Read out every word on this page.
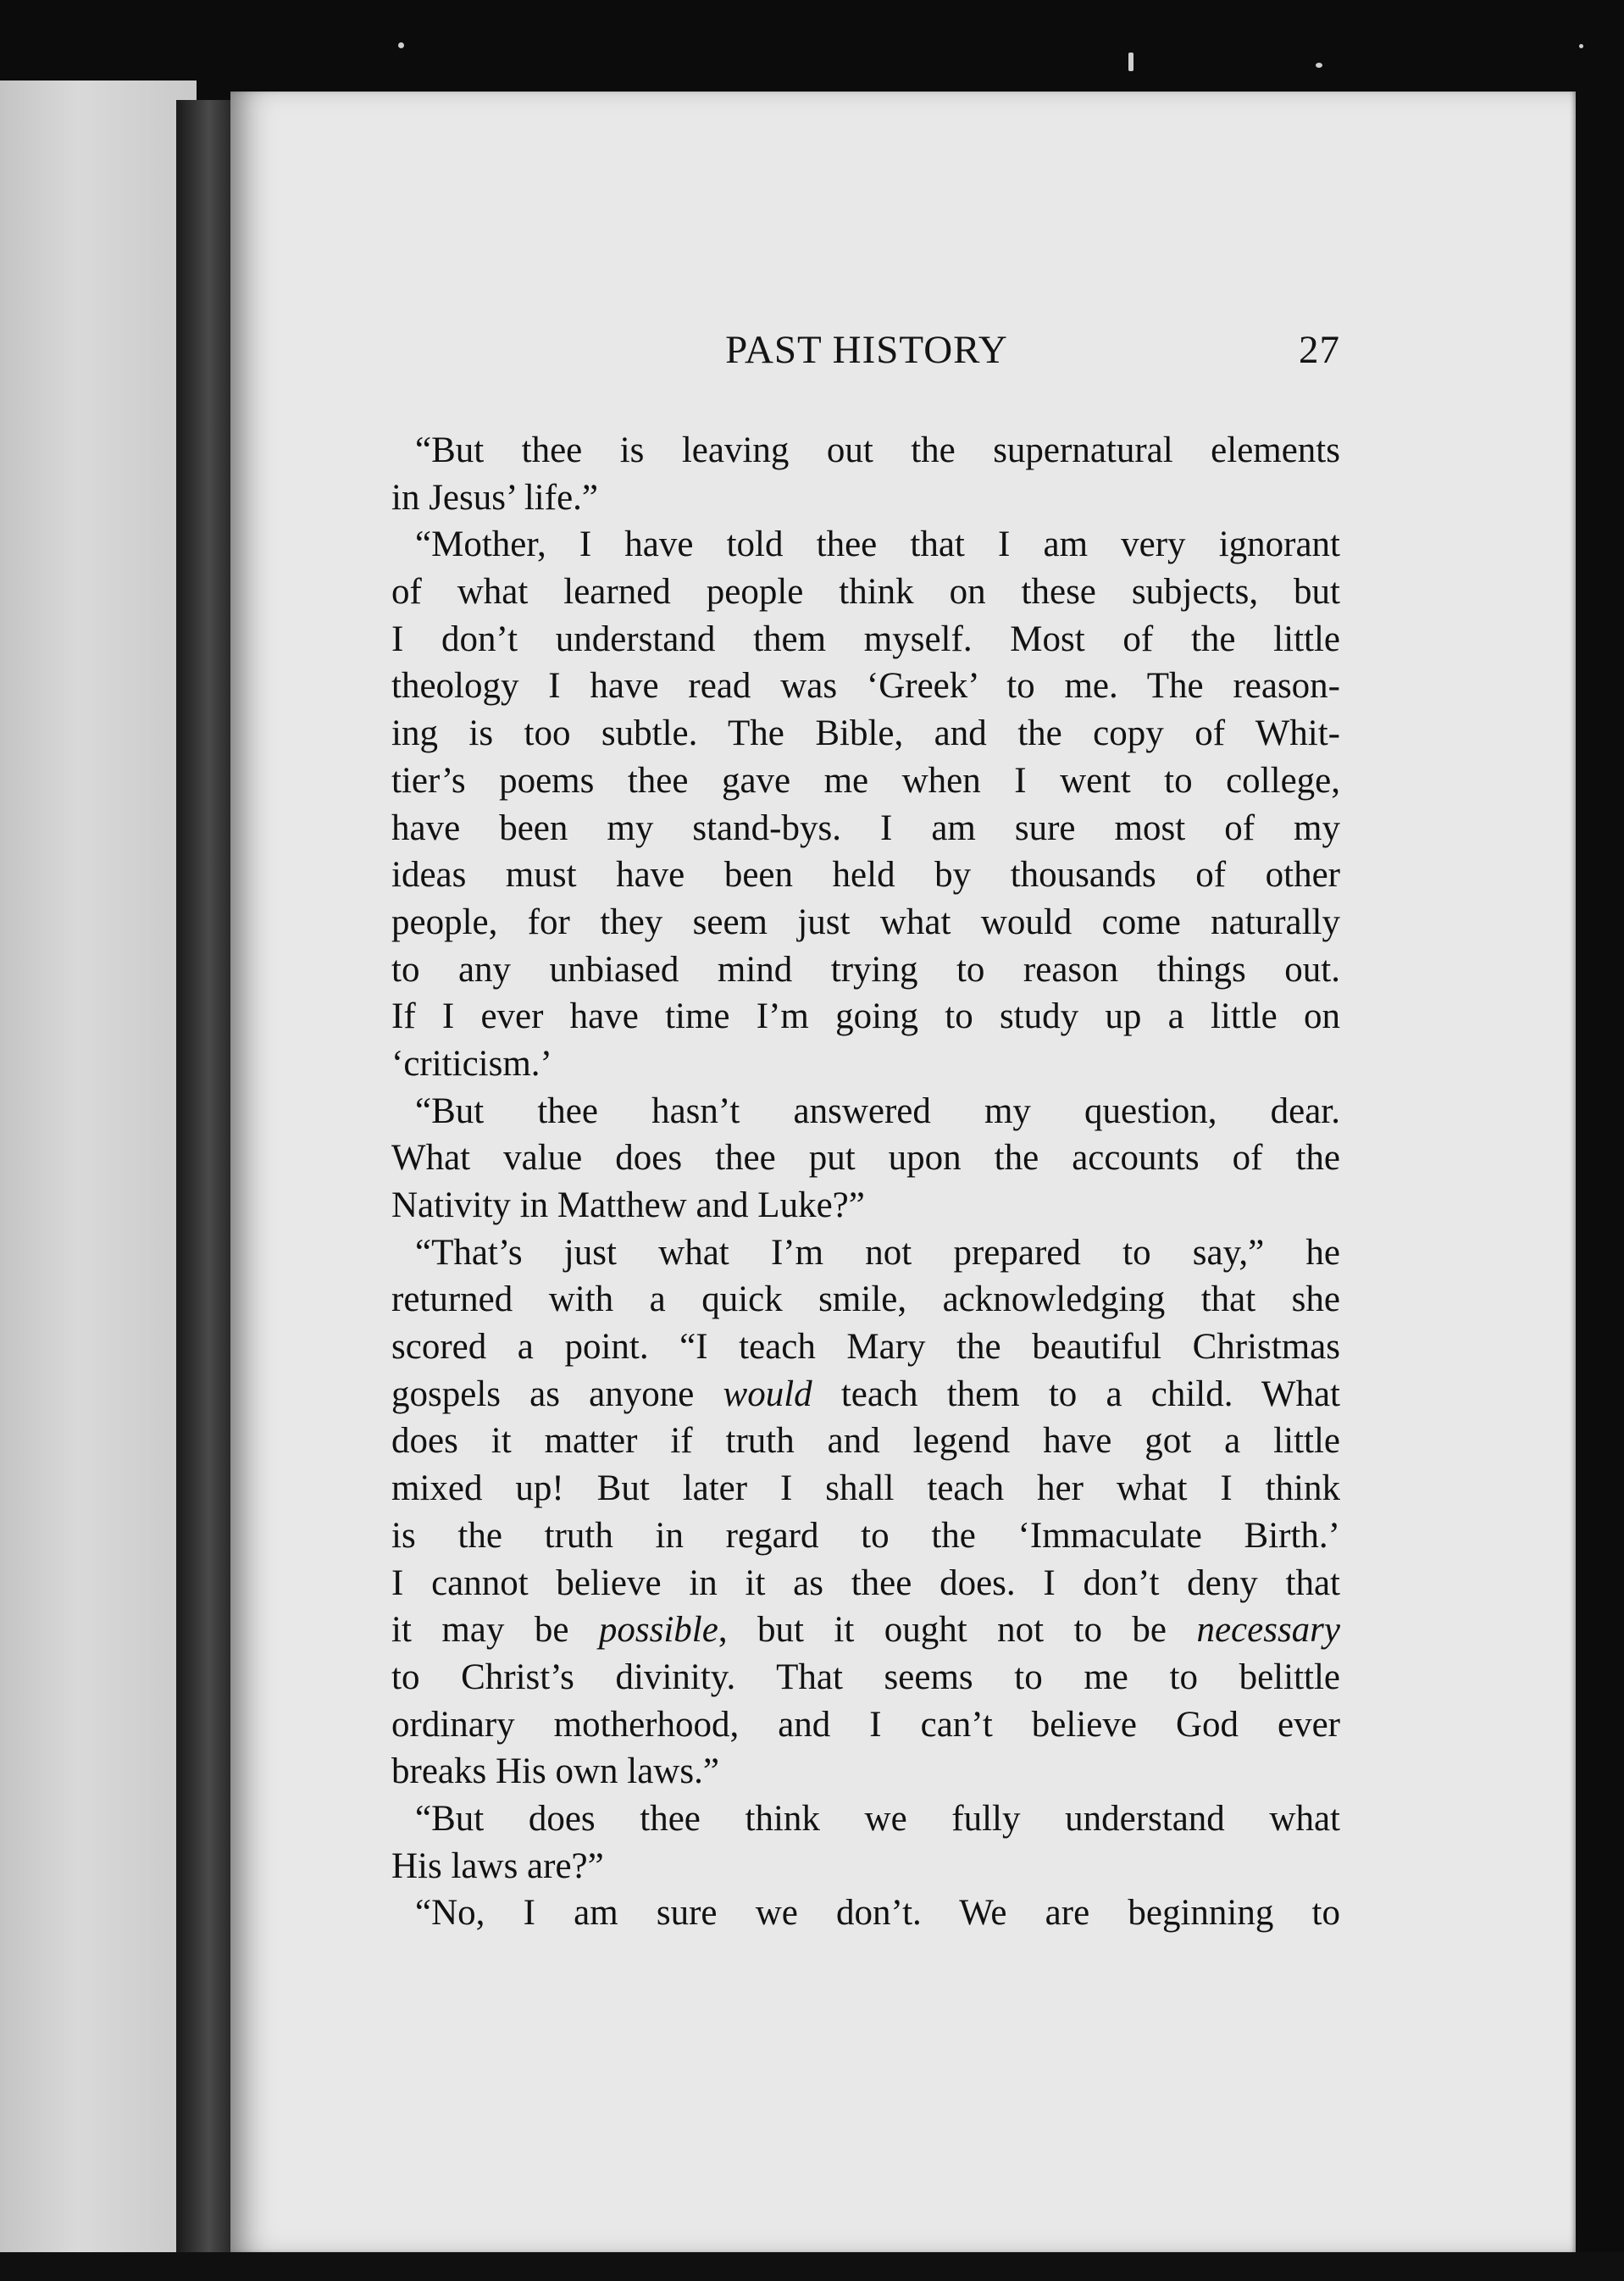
PAST HISTORY	27
“But thee is leaving out the supernatural elements
in Jesus’ life.”
“Mother, I have told thee that I am very ignorant
of what learned people think on these subjects, but
I don’t understand them myself. Most of the little
theology I have read was ‘Greek’ to me. The reason-
ing is too subtle. The Bible, and the copy of Whit-
tier’s poems thee gave me when I went to college,
have been my stand-bys. I am sure most of my
ideas must have been held by thousands of other
people, for they seem just what would come naturally
to any unbiased mind trying to reason things out.
If I ever have time I’m going to study up a little on
‘criticism.’
“But thee hasn’t answered my question, dear.
What value does thee put upon the accounts of the
Nativity in Matthew and Luke?”
“That’s just what I’m not prepared to say,” he
returned with a quick smile, acknowledging that she
scored a point. “I teach Mary the beautiful Christmas
gospels as anyone would teach them to a child. What
does it matter if truth and legend have got a little
mixed up! But later I shall teach her what I think
is the truth in regard to the ‘Immaculate Birth.’
I cannot believe in it as thee does. I don’t deny that
it may be possible, but it ought not to be necessary
to Christ’s divinity. That seems to me to belittle
ordinary motherhood, and I can’t believe God ever
breaks His own laws.”
“But does thee think we fully understand what
His laws are?”
“No, I am sure we don’t. We are beginning to
